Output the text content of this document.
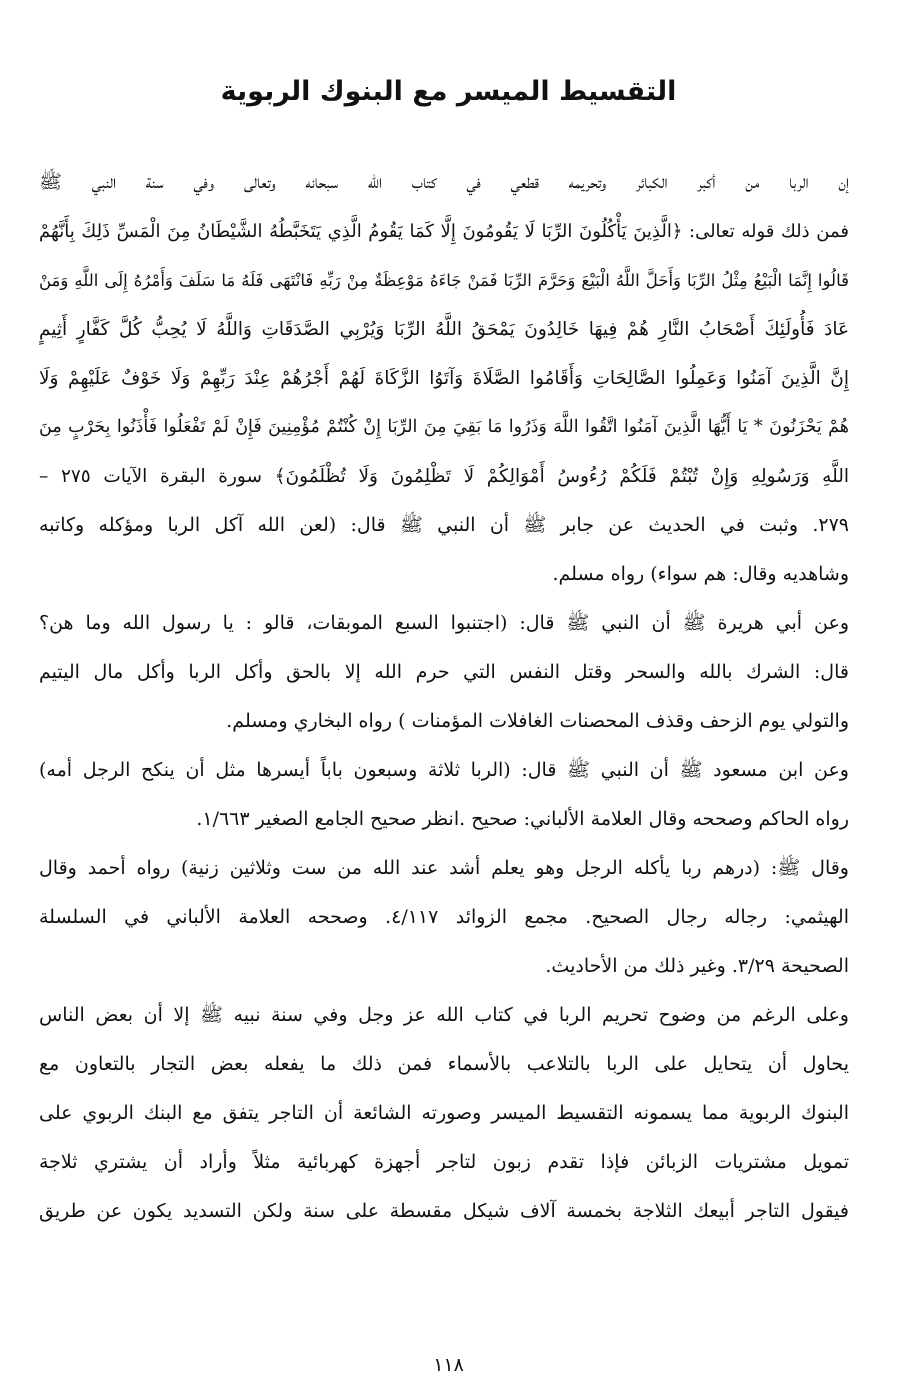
التقسيط الميسر مع البنوك الربوية
إن الربا من أكبر الكبائر وتحريمه قطعي في كتاب الله سبحانه وتعالى وفي سنة النبي ﷺ
فمن ذلك قوله تعالى: ﴿الَّذِينَ يَأْكُلُونَ الرِّبَا لَا يَقُومُونَ إِلَّا كَمَا يَقُومُ الَّذِي يَتَخَبَّطُهُ الشَّيْطَانُ مِنَ الْمَسِّ ذَلِكَ بِأَنَّهُمْ
قَالُوا إِنَّمَا الْبَيْعُ مِثْلُ الرِّبَا وَأَحَلَّ اللَّهُ الْبَيْعَ وَحَرَّمَ الرِّبَا فَمَنْ جَاءَهُ مَوْعِظَةٌ مِنْ رَبِّهِ فَانْتَهَى فَلَهُ مَا سَلَفَ وَأَمْرُهُ إِلَى اللَّهِ وَمَنْ
عَادَ فَأُولَئِكَ أَصْحَابُ النَّارِ هُمْ فِيهَا خَالِدُونَ يَمْحَقُ اللَّهُ الرِّبَا وَيُرْبِي الصَّدَقَاتِ وَاللَّهُ لَا يُحِبُّ كُلَّ كَفَّارٍ أَثِيمٍ
إِنَّ الَّذِينَ آمَنُوا وَعَمِلُوا الصَّالِحَاتِ وَأَقَامُوا الصَّلَاةَ وَآتَوُا الزَّكَاةَ لَهُمْ أَجْرُهُمْ عِنْدَ رَبِّهِمْ وَلَا خَوْفٌ عَلَيْهِمْ وَلَا
هُمْ يَحْزَنُونَ * يَا أَيُّهَا الَّذِينَ آمَنُوا اتَّقُوا اللَّهَ وَذَرُوا مَا بَقِيَ مِنَ الرِّبَا إِنْ كُنْتُمْ مُؤْمِنِينَ فَإِنْ لَمْ تَفْعَلُوا فَأْذَنُوا بِحَرْبٍ مِنَ
اللَّهِ وَرَسُولِهِ وَإِنْ تُبْتُمْ فَلَكُمْ رُءُوسُ أَمْوَالِكُمْ لَا تَظْلِمُونَ وَلَا تُظْلَمُونَ﴾ سورة البقرة الآيات ٢٧٥ –
٢٧٩. وثبت في الحديث عن جابر ﷺ أن النبي ﷺ قال: (لعن الله آكل الربا ومؤكله وكاتبه
وشاهديه وقال: هم سواء) رواه مسلم.
وعن أبي هريرة ﷺ أن النبي ﷺ قال: (اجتنبوا السبع الموبقات، قالو : يا رسول الله وما هن؟
قال: الشرك بالله والسحر وقتل النفس التي حرم الله إلا بالحق وأكل الربا وأكل مال اليتيم
والتولي يوم الزحف وقذف المحصنات الغافلات المؤمنات ) رواه البخاري ومسلم.
وعن ابن مسعود ﷺ أن النبي ﷺ قال: (الربا ثلاثة وسبعون باباً أيسرها مثل أن ينكح الرجل أمه)
رواه الحاكم وصححه وقال العلامة الألباني: صحيح .انظر صحيح الجامع الصغير ١/٦٦٣.
وقال ﷺ: (درهم ربا يأكله الرجل وهو يعلم أشد عند الله من ست وثلاثين زنية) رواه أحمد وقال
الهيثمي: رجاله رجال الصحيح. مجمع الزوائد ٤/١١٧. وصححه العلامة الألباني في السلسلة
الصحيحة ٣/٢٩. وغير ذلك من الأحاديث.
وعلى الرغم من وضوح تحريم الربا في كتاب الله عز وجل وفي سنة نبيه ﷺ إلا أن بعض الناس
يحاول أن يتحايل على الربا بالتلاعب بالأسماء فمن ذلك ما يفعله بعض التجار بالتعاون مع
البنوك الربوية مما يسمونه التقسيط الميسر وصورته الشائعة أن التاجر يتفق مع البنك الربوي على
تمويل مشتريات الزبائن فإذا تقدم زبون لتاجر أجهزة كهربائية مثلاً وأراد أن يشتري ثلاجة
فيقول التاجر أبيعك الثلاجة بخمسة آلاف شيكل مقسطة على سنة ولكن التسديد يكون عن طريق
١١٨
